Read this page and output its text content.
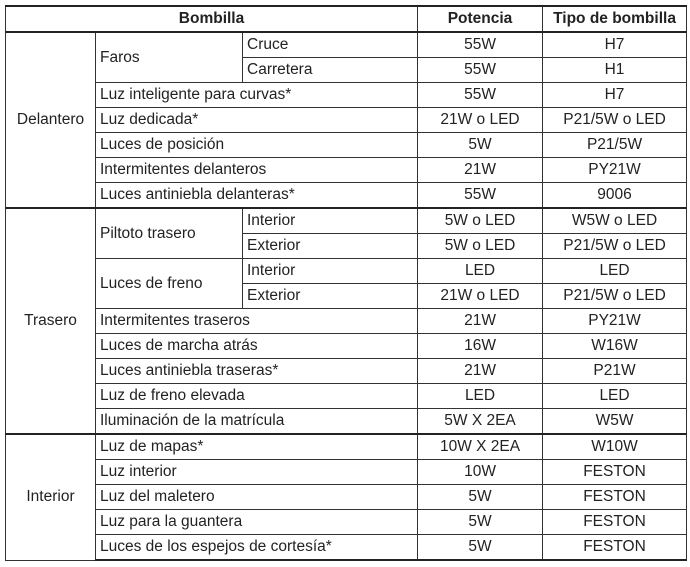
Bombilla			Potencia	Tipo de bombilla
Delantero	Faros	Cruce	55W	H7
		Carretera	55W	H1
	Luz inteligente para curvas*		55W	H7
	Luz dedicada*		21W o LED	P21/5W o LED
	Luces de posición		5W	P21/5W
	Intermitentes delanteros		21W	PY21W
	Luces antiniebla delanteras*		55W	9006
Trasero	Piltoto trasero	Interior	5W o LED	W5W o LED
		Exterior	5W o LED	P21/5W o LED
	Luces de freno	Interior	LED	LED
		Exterior	21W o LED	P21/5W o LED
	Intermitentes traseros		21W	PY21W
	Luces de marcha atrás		16W	W16W
	Luces antiniebla traseras*		21W	P21W
	Luz de freno elevada		LED	LED
	Iluminación de la matrícula		5W X 2EA	W5W
Interior	Luz de mapas*		10W X 2EA	W10W
	Luz interior		10W	FESTON
	Luz del maletero		5W	FESTON
	Luz para la guantera		5W	FESTON
	Luces de los espejos de cortesía*		5W	FESTON
